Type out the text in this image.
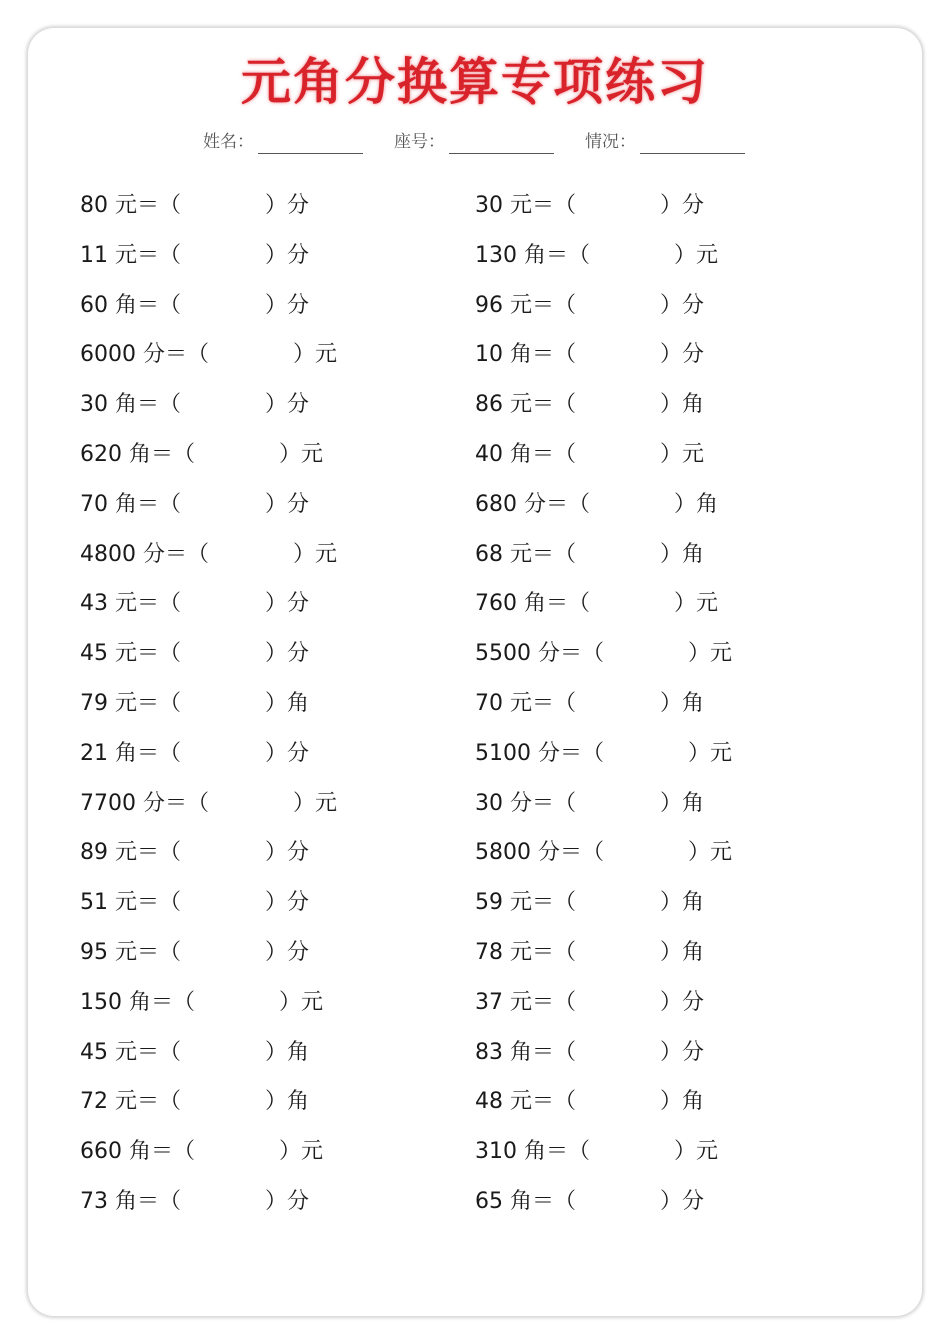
元角分换算专项练习
姓名：	座号：	情况：
80 元＝（	）分	30 元＝（	）分
11 元＝（	）分	130 角＝（	）元
60 角＝（	）分	96 元＝（	）分
6000 分＝（	）元	10 角＝（	）分
30 角＝（	）分	86 元＝（	）角
620 角＝（	）元	40 角＝（	）元
70 角＝（	）分	680 分＝（	）角
4800 分＝（	）元	68 元＝（	）角
43 元＝（	）分	760 角＝（	）元
45 元＝（	）分	5500 分＝（	）元
79 元＝（	）角	70 元＝（	）角
21 角＝（	）分	5100 分＝（	）元
7700 分＝（	）元	30 分＝（	）角
89 元＝（	）分	5800 分＝（	）元
51 元＝（	）分	59 元＝（	）角
95 元＝（	）分	78 元＝（	）角
150 角＝（	）元	37 元＝（	）分
45 元＝（	）角	83 角＝（	）分
72 元＝（	）角	48 元＝（	）角
660 角＝（	）元	310 角＝（	）元
73 角＝（	）分	65 角＝（	）分
